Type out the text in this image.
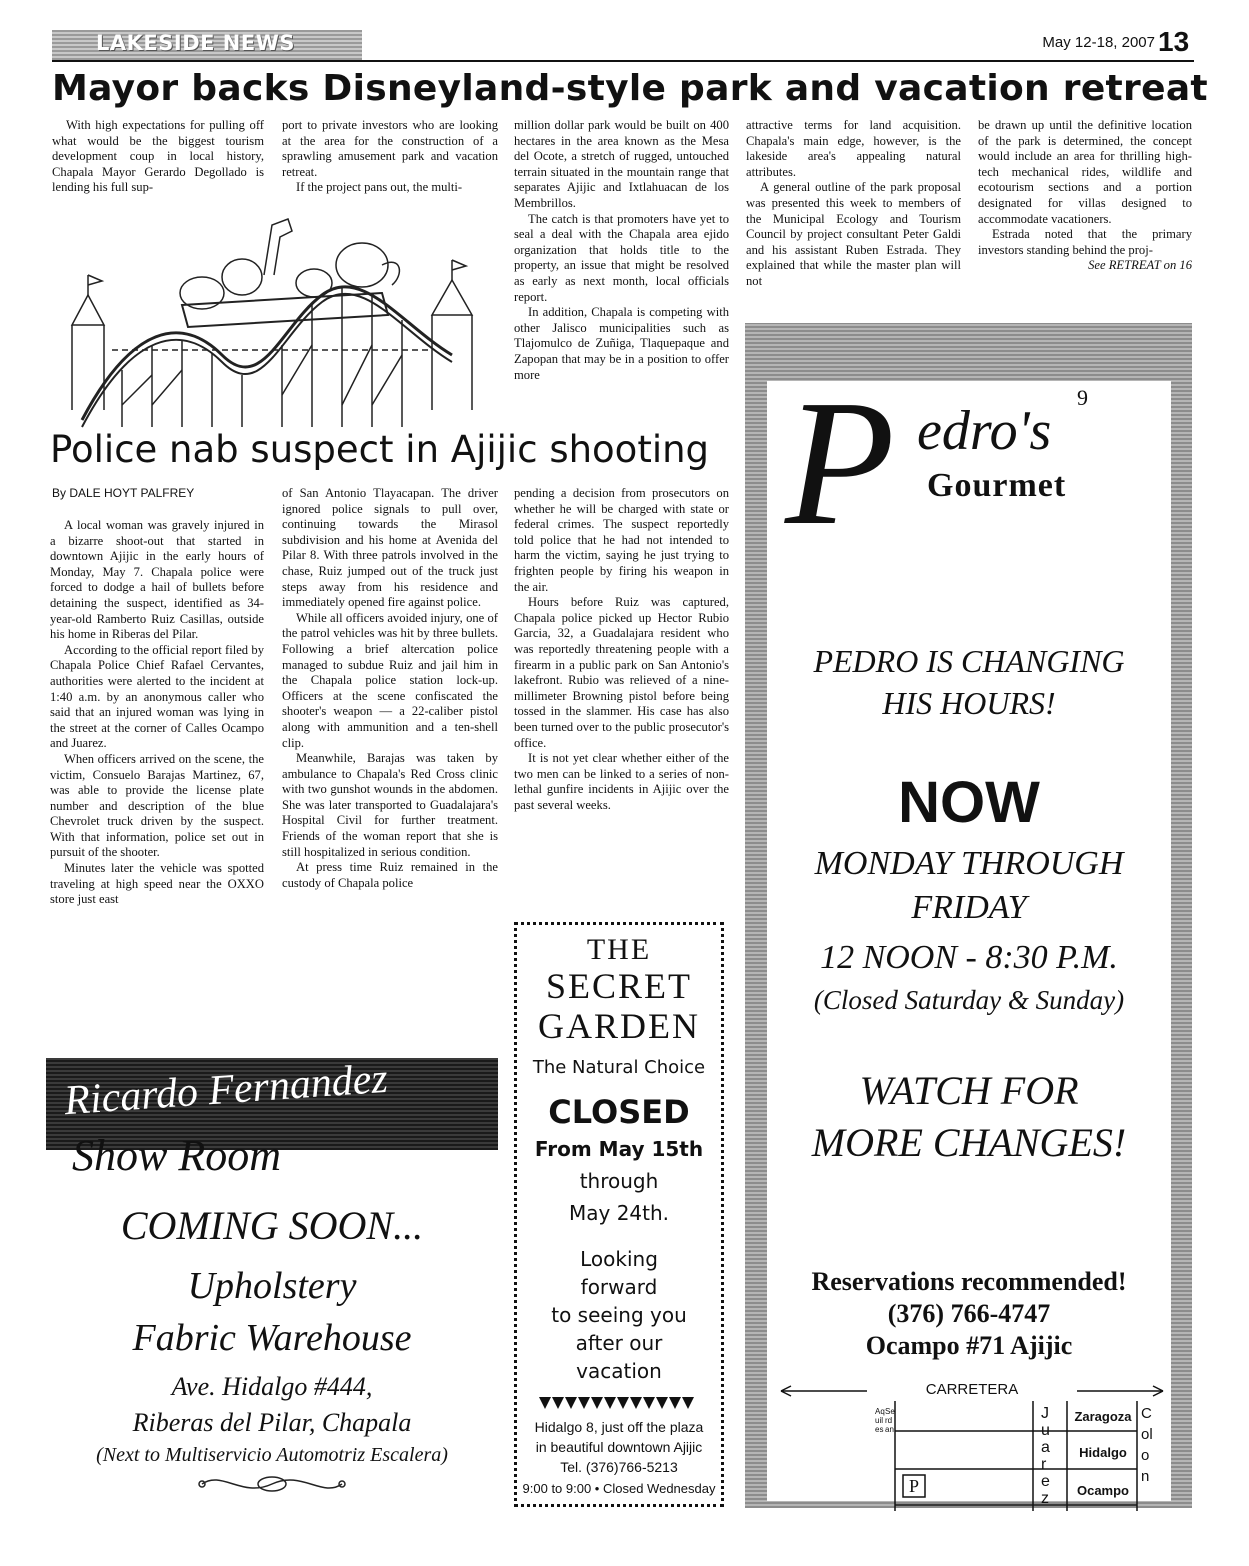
LAKESIDE NEWS	May 12-18, 2007 13
Mayor backs Disneyland-style park and vacation retreat

With high expectations for pulling off what would be the biggest tourism development coup in local history, Chapala Mayor Gerardo Degollado is lending his full sup-

port to private investors who are looking at the area for the construction of a sprawling amusement park and vacation retreat.

If the project pans out, the multi-

million dollar park would be built on 400 hectares in the area known as the Mesa del Ocote, a stretch of rugged, untouched terrain situated in the mountain range that separates Ajijic and Ixtlahuacan de los Membrillos.

The catch is that promoters have yet to seal a deal with the Chapala area ejido organization that holds title to the property, an issue that might be resolved as early as next month, local officials report.

In addition, Chapala is competing with other Jalisco municipalities such as Tlajomulco de Zuñiga, Tlaquepaque and Zapopan that may be in a position to offer more

attractive terms for land acquisition. Chapala's main edge, however, is the lakeside area's appealing natural attributes.

A general outline of the park proposal was presented this week to members of the Municipal Ecology and Tourism Council by project consultant Peter Galdi and his assistant Ruben Estrada. They explained that while the master plan will not

be drawn up until the definitive location of the park is determined, the concept would include an area for thrilling high-tech mechanical rides, wildlife and ecotourism sections and a portion designated for villas designed to accommodate vacationers.

Estrada noted that the primary investors standing behind the proj-

See RETREAT on 16
Police nab suspect in Ajijic shooting
By DALE HOYT PALFREY

A local woman was gravely injured in a bizarre shoot-out that started in downtown Ajijic in the early hours of Monday, May 7. Chapala police were forced to dodge a hail of bullets before detaining the suspect, identified as 34-year-old Ramberto Ruiz Casillas, outside his home in Riberas del Pilar.

According to the official report filed by Chapala Police Chief Rafael Cervantes, authorities were alerted to the incident at 1:40 a.m. by an anonymous caller who said that an injured woman was lying in the street at the corner of Calles Ocampo and Juarez.

When officers arrived on the scene, the victim, Consuelo Barajas Martinez, 67, was able to provide the license plate number and description of the blue Chevrolet truck driven by the suspect. With that information, police set out in pursuit of the shooter.

Minutes later the vehicle was spotted traveling at high speed near the OXXO store just east

of San Antonio Tlayacapan. The driver ignored police signals to pull over, continuing towards the Mirasol subdivision and his home at Avenida del Pilar 8. With three patrols involved in the chase, Ruiz jumped out of the truck just steps away from his residence and immediately opened fire against police.

While all officers avoided injury, one of the patrol vehicles was hit by three bullets. Following a brief altercation police managed to subdue Ruiz and jail him in the Chapala police station lock-up. Officers at the scene confiscated the shooter's weapon — a 22-caliber pistol along with ammunition and a ten-shell clip.

Meanwhile, Barajas was taken by ambulance to Chapala's Red Cross clinic with two gunshot wounds in the abdomen. She was later transported to Guadalajara's Hospital Civil for further treatment. Friends of the woman report that she is still hospitalized in serious condition.

At press time Ruiz remained in the custody of Chapala police

pending a decision from prosecutors on whether he will be charged with state or federal crimes. The suspect reportedly told police that he had not intended to harm the victim, saying he just trying to frighten people by firing his weapon in the air.

Hours before Ruiz was captured, Chapala police picked up Hector Rubio Garcia, 32, a Guadalajara resident who was reportedly threatening people with a firearm in a public park on San Antonio's lakefront. Rubio was relieved of a nine-millimeter Browning pistol before being tossed in the slammer. His case has also been turned over to the public prosecutor's office.

It is not yet clear whether either of the two men can be linked to a series of non-lethal gunfire incidents in Ajijic over the past several weeks.

Ricardo Fernandez
Show Room
COMING SOON...
Upholstery
Fabric Warehouse
Ave. Hidalgo #444,
Riberas del Pilar, Chapala
(Next to Multiservicio Automotriz Escalera)
THE
SECRET
GARDEN
The Natural Choice
CLOSED
From May 15th
through
May 24th.
Looking
forward
to seeing you
after our
vacation
Hidalgo 8, just off the plaza
in beautiful downtown Ajijic
Tel. (376)766-5213
9:00 to 9:00 • Closed Wednesday
P edro's
9
Gourmet
PEDRO IS CHANGING
HIS HOURS!
NOW
MONDAY THROUGH
FRIDAY
12 NOON - 8:30 P.M.
(Closed Saturday & Sunday)
WATCH FOR
MORE CHANGES!
Reservations recommended!
(376) 766-4747
Ocampo #71 Ajijic
CARRETERA
Aquiles
Serdan
Juarez
Zaragoza
Hidalgo
Ocampo
Colon
P
